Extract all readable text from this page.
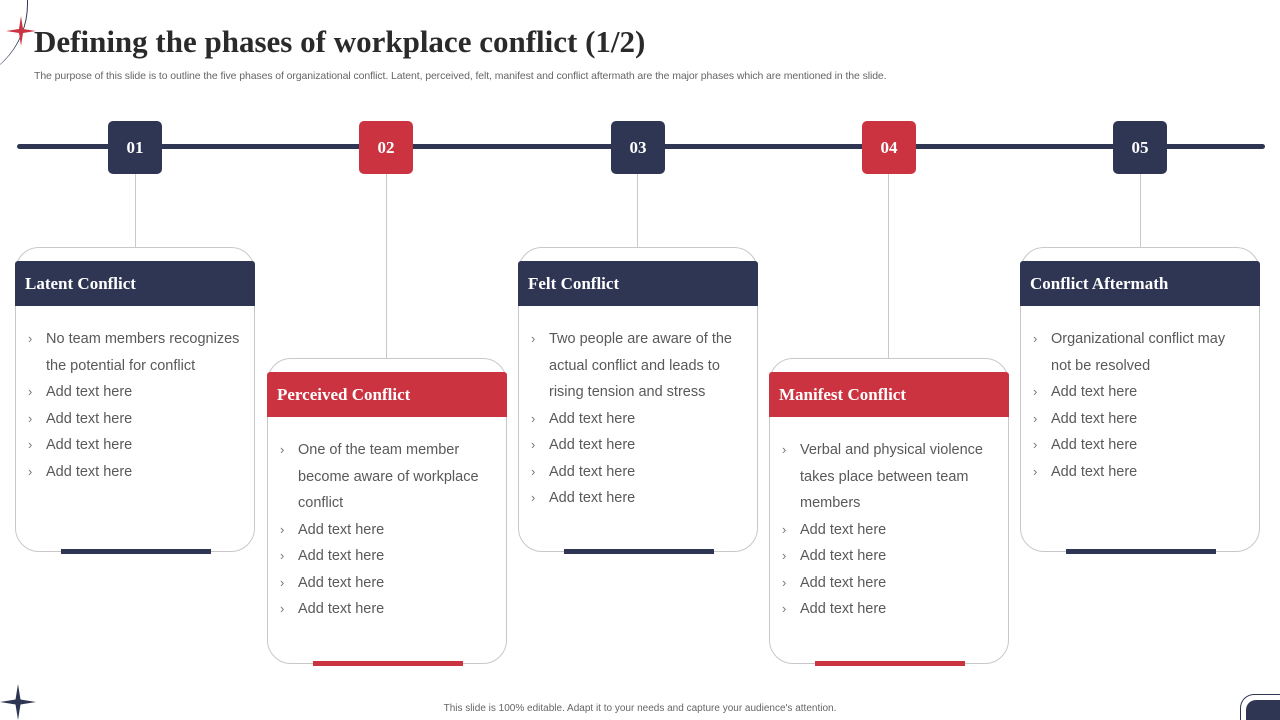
Defining the phases of workplace conflict (1/2)

The purpose of this slide is to outline the five phases of organizational conflict. Latent, perceived, felt, manifest and conflict aftermath are the major phases which are mentioned in the slide.

01	02	03	04	05
Latent Conflict
› No team members recognizes the potential for conflict
› Add text here
› Add text here
› Add text here
› Add text here
Perceived Conflict
› One of the team member become aware of workplace conflict
› Add text here
› Add text here
› Add text here
› Add text here
Felt Conflict
› Two people are aware of the actual conflict and leads to rising tension and stress
› Add text here
› Add text here
› Add text here
› Add text here
Manifest Conflict
› Verbal and physical violence takes place between team members
› Add text here
› Add text here
› Add text here
› Add text here
Conflict Aftermath
› Organizational conflict may not be resolved
› Add text here
› Add text here
› Add text here
› Add text here

This slide is 100% editable. Adapt it to your needs and capture your audience's attention.
